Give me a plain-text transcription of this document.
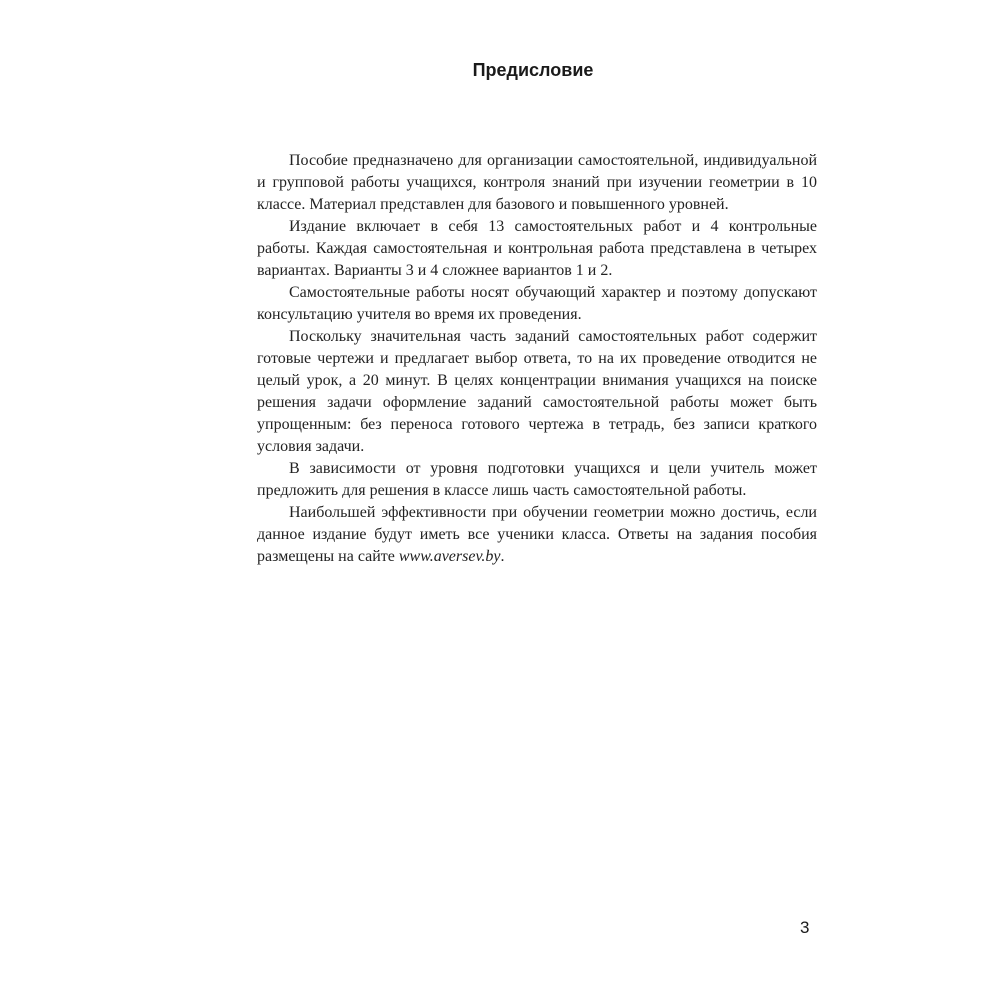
Предисловие

Пособие предназначено для организации самостоятельной, индивидуальной и групповой работы учащихся, контроля знаний при изучении геометрии в 10 классе. Материал представлен для базового и повышенного уровней.

Издание включает в себя 13 самостоятельных работ и 4 контрольные работы. Каждая самостоятельная и контрольная работа представлена в четырех вариантах. Варианты 3 и 4 сложнее вариантов 1 и 2.

Самостоятельные работы носят обучающий характер и поэтому допускают консультацию учителя во время их проведения.

Поскольку значительная часть заданий самостоятельных работ содержит готовые чертежи и предлагает выбор ответа, то на их проведение отводится не целый урок, а 20 минут. В целях концентрации внимания учащихся на поиске решения задачи оформление заданий самостоятельной работы может быть упрощенным: без переноса готового чертежа в тетрадь, без записи краткого условия задачи.

В зависимости от уровня подготовки учащихся и цели учитель может предложить для решения в классе лишь часть самостоятельной работы.

Наибольшей эффективности при обучении геометрии можно достичь, если данное издание будут иметь все ученики класса. Ответы на задания пособия размещены на сайте www.aversev.by.

3
